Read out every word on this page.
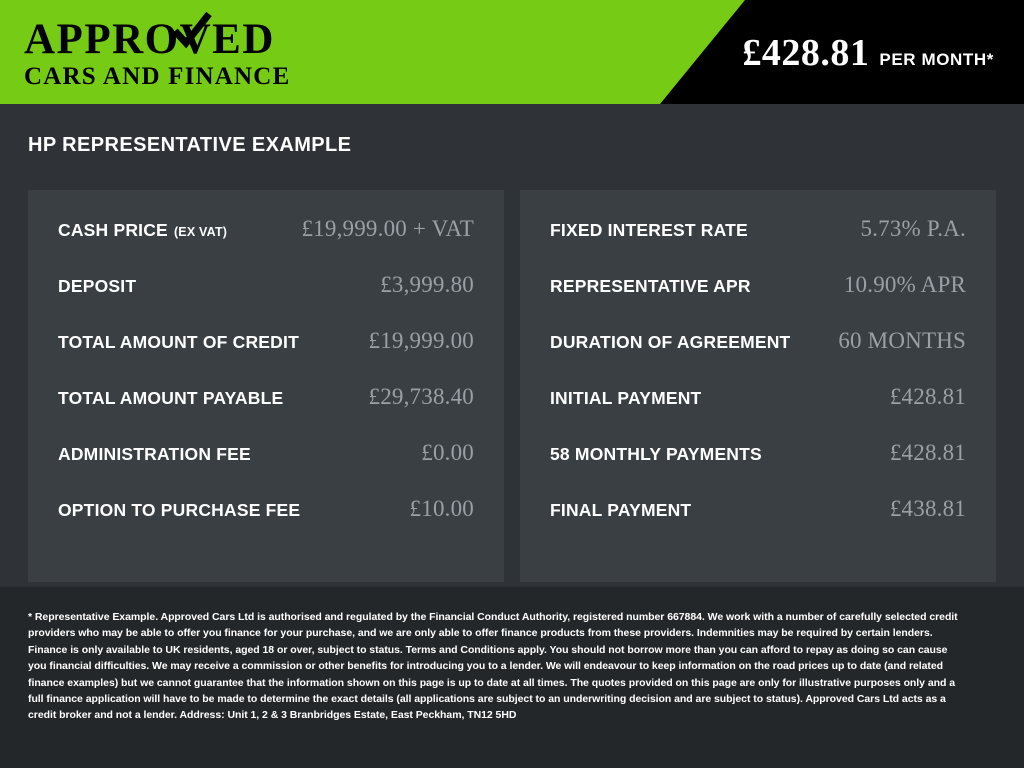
APPROVED
CARS AND FINANCE
£428.81 PER MONTH*
HP REPRESENTATIVE EXAMPLE
CASH PRICE (EX VAT)	£19,999.00 + VAT
DEPOSIT	£3,999.80
TOTAL AMOUNT OF CREDIT	£19,999.00
TOTAL AMOUNT PAYABLE	£29,738.40
ADMINISTRATION FEE	£0.00
OPTION TO PURCHASE FEE	£10.00
FIXED INTEREST RATE	5.73% P.A.
REPRESENTATIVE APR	10.90% APR
DURATION OF AGREEMENT 60 MONTHS
INITIAL PAYMENT	£428.81
58 MONTHLY PAYMENTS	£428.81
FINAL PAYMENT	£438.81

* Representative Example. Approved Cars Ltd is authorised and regulated by the Financial Conduct Authority, registered number 667884. We work with a number of carefully selected credit providers who may be able to offer you finance for your purchase, and we are only able to offer finance products from these providers. Indemnities may be required by certain lenders. Finance is only available to UK residents, aged 18 or over, subject to status. Terms and Conditions apply. You should not borrow more than you can afford to repay as doing so can cause you financial difficulties. We may receive a commission or other benefits for introducing you to a lender. We will endeavour to keep information on the road prices up to date (and related finance examples) but we cannot guarantee that the information shown on this page is up to date at all times. The quotes provided on this page are only for illustrative purposes only and a full finance application will have to be made to determine the exact details (all applications are subject to an underwriting decision and are subject to status). Approved Cars Ltd acts as a credit broker and not a lender. Address: Unit 1, 2 & 3 Branbridges Estate, East Peckham, TN12 5HD
